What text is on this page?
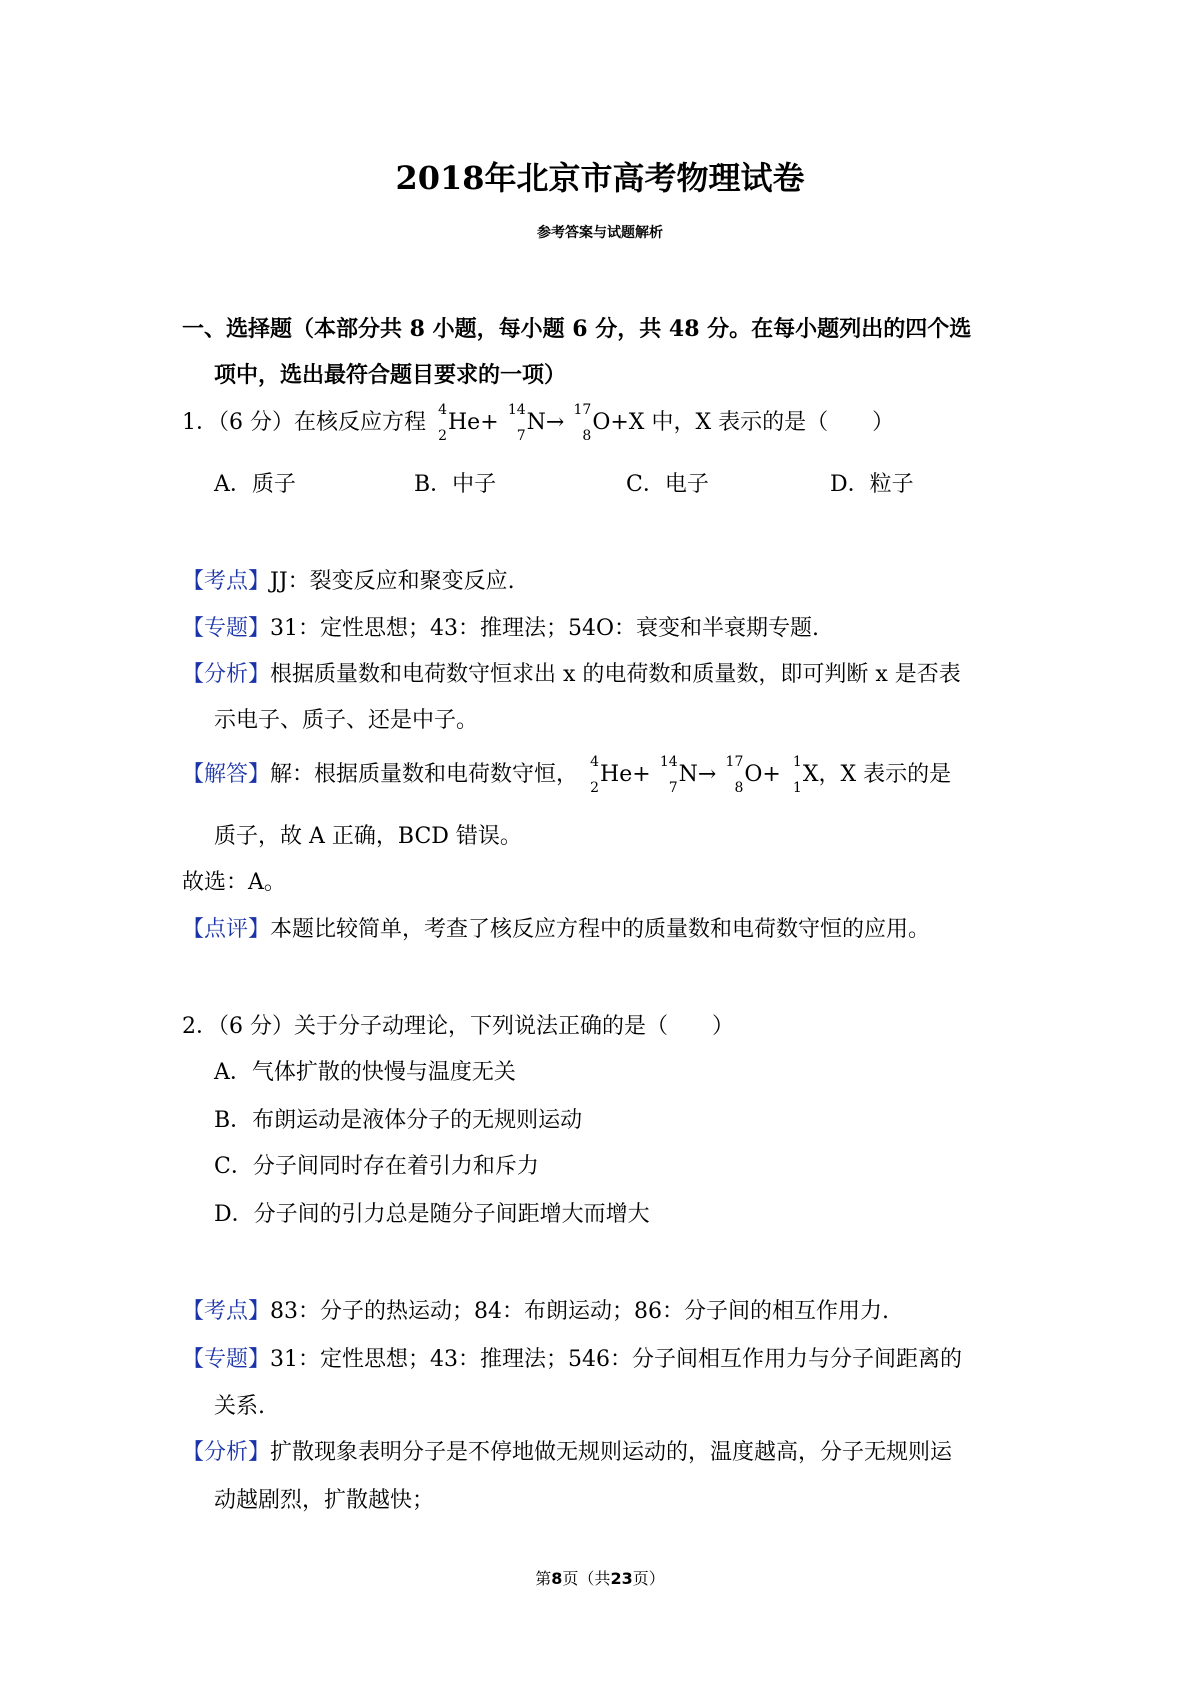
2018年北京市高考物理试卷
参考答案与试题解析
一、选择题（本部分共 8 小题，每小题 6 分，共 48 分。在每小题列出的四个选
项中，选出最符合题目要求的一项）
1．（6 分）在核反应方程 4
2
He+ 14
7
N→ 17
8
O+X 中，X 表示的是（　　）
A．质子	B．中子	C．电子	D．粒子
【考点】JJ：裂变反应和聚变反应.
【专题】31：定性思想；43：推理法；54O：衰变和半衰期专题.
【分析】根据质量数和电荷数守恒求出 x 的电荷数和质量数，即可判断 x 是否表
示电子、质子、还是中子。
【解答】解：根据质量数和电荷数守恒， 4
2
He+ 14
7
N→ 17
8
O+ 1
1
X，X 表示的是
质子，故 A 正确，BCD 错误。
故选：A。
【点评】本题比较简单，考查了核反应方程中的质量数和电荷数守恒的应用。
2．（6 分）关于分子动理论，下列说法正确的是（　　）
A．气体扩散的快慢与温度无关
B．布朗运动是液体分子的无规则运动
C．分子间同时存在着引力和斥力
D．分子间的引力总是随分子间距增大而增大
【考点】83：分子的热运动；84：布朗运动；86：分子间的相互作用力.
【专题】31：定性思想；43：推理法；546：分子间相互作用力与分子间距离的
关系.
【分析】扩散现象表明分子是不停地做无规则运动的，温度越高，分子无规则运
动越剧烈，扩散越快；
第8页（共23页）
